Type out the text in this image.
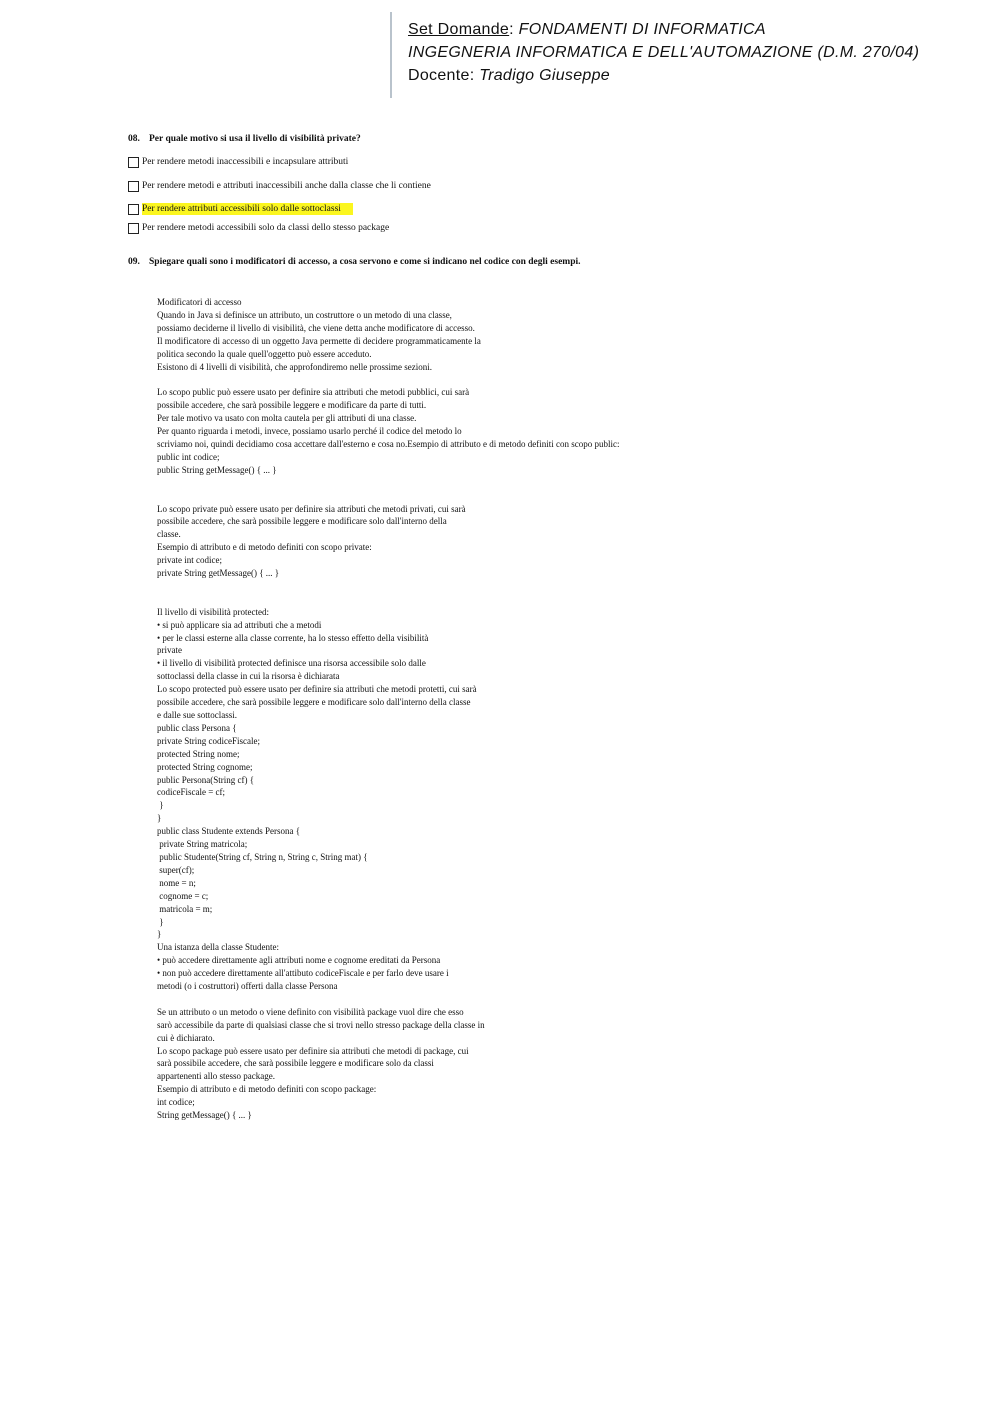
Set Domande: FONDAMENTI DI INFORMATICA
INGEGNERIA INFORMATICA E DELL'AUTOMAZIONE (D.M. 270/04)
Docente: Tradigo Giuseppe
08. Per quale motivo si usa il livello di visibilità private?
Per rendere metodi inaccessibili e incapsulare attributi
Per rendere metodi e attributi inaccessibili anche dalla classe che li contiene
Per rendere attributi accessibili solo dalle sottoclassi
Per rendere metodi accessibili solo da classi dello stesso package
09. Spiegare quali sono i modificatori di accesso, a cosa servono e come si indicano nel codice con degli esempi.
Modificatori di accesso
Quando in Java si definisce un attributo, un costruttore o un metodo di una classe,
possiamo deciderne il livello di visibilità, che viene detta anche modificatore di accesso.
Il modificatore di accesso di un oggetto Java permette di decidere programmaticamente la
politica secondo la quale quell'oggetto può essere acceduto.
Esistono di 4 livelli di visibilità, che approfondiremo nelle prossime sezioni.

Lo scopo public può essere usato per definire sia attributi che metodi pubblici, cui sarà
possibile accedere, che sarà possibile leggere e modificare da parte di tutti.
Per tale motivo va usato con molta cautela per gli attributi di una classe.
Per quanto riguarda i metodi, invece, possiamo usarlo perché il codice del metodo lo
scriviamo noi, quindi decidiamo cosa accettare dall'esterno e cosa no.Esempio di attributo e di metodo definiti con scopo public:
public int codice;
public String getMessage() { ... }

Lo scopo private può essere usato per definire sia attributi che metodi privati, cui sarà
possibile accedere, che sarà possibile leggere e modificare solo dall'interno della
classe.
Esempio di attributo e di metodo definiti con scopo private:
private int codice;
private String getMessage() { ... }

Il livello di visibilità protected:
• si può applicare sia ad attributi che a metodi
• per le classi esterne alla classe corrente, ha lo stesso effetto della visibilità
private
• il livello di visibilità protected definisce una risorsa accessibile solo dalle
sottoclassi della classe in cui la risorsa è dichiarata
Lo scopo protected può essere usato per definire sia attributi che metodi protetti, cui sarà
possibile accedere, che sarà possibile leggere e modificare solo dall'interno della classe
e dalle sue sottoclassi.
public class Persona {
private String codiceFiscale;
protected String nome;
protected String cognome;
public Persona(String cf) {
codiceFiscale = cf;
}
}
public class Studente extends Persona {
private String matricola;
public Studente(String cf, String n, String c, String mat) {
super(cf);
nome = n;
cognome = c;
matricola = m;
}
}
Una istanza della classe Studente:
• può accedere direttamente agli attributi nome e cognome ereditati da Persona
• non può accedere direttamente all'attibuto codiceFiscale e per farlo deve usare i
metodi (o i costruttori) offerti dalla classe Persona

Se un attributo o un metodo o viene definito con visibilità package vuol dire che esso
sarò accessibile da parte di qualsiasi classe che si trovi nello stresso package della classe in
cui è dichiarato.
Lo scopo package può essere usato per definire sia attributi che metodi di package, cui
sarà possibile accedere, che sarà possibile leggere e modificare solo da classi
appartenenti allo stesso package.
Esempio di attributo e di metodo definiti con scopo package:
int codice;
String getMessage() { ... }
